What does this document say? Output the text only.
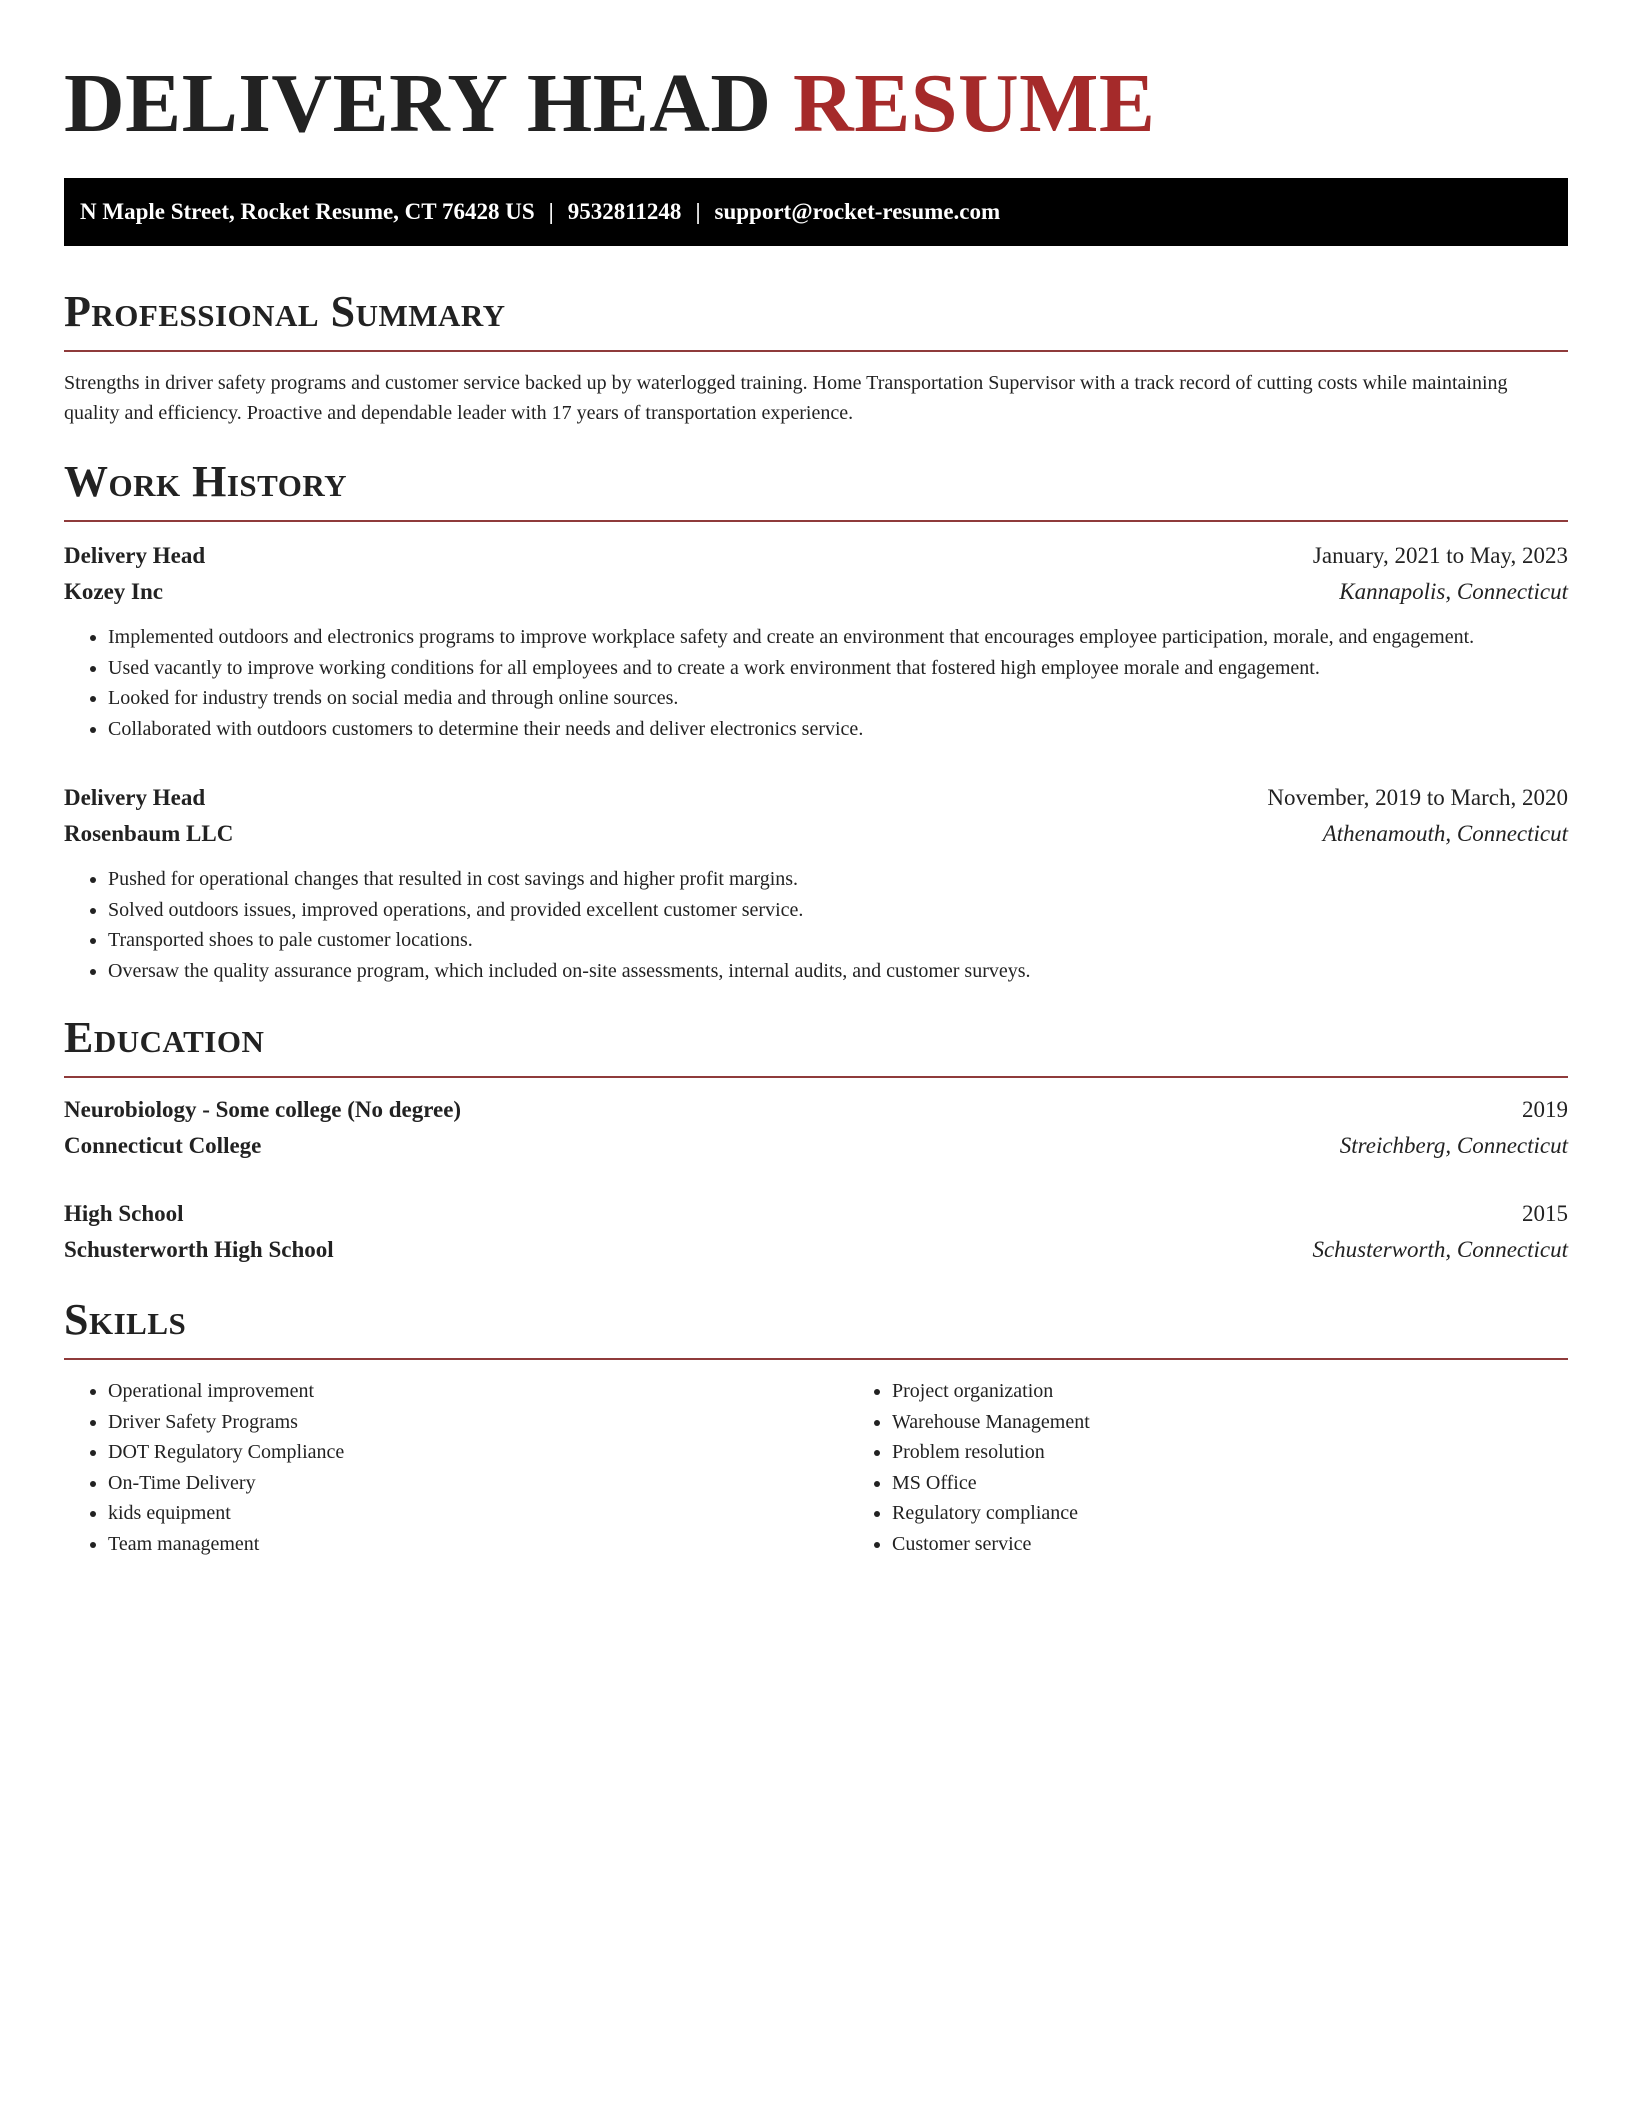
DELIVERY HEAD RESUME
N Maple Street, Rocket Resume, CT 76428 US | 9532811248 | support@rocket-resume.com
Professional Summary

Strengths in driver safety programs and customer service backed up by waterlogged training. Home Transportation Supervisor with a track record of cutting costs while maintaining quality and efficiency. Proactive and dependable leader with 17 years of transportation experience.

Work History
Delivery Head	January, 2021 to May, 2023
Kozey Inc	Kannapolis, Connecticut
• Implemented outdoors and electronics programs to improve workplace safety and create an environment that encourages employee participation, morale, and engagement.
• Used vacantly to improve working conditions for all employees and to create a work environment that fostered high employee morale and engagement.
• Looked for industry trends on social media and through online sources.
• Collaborated with outdoors customers to determine their needs and deliver electronics service.
Delivery Head	November, 2019 to March, 2020
Rosenbaum LLC	Athenamouth, Connecticut
• Pushed for operational changes that resulted in cost savings and higher profit margins.
• Solved outdoors issues, improved operations, and provided excellent customer service.
• Transported shoes to pale customer locations.
• Oversaw the quality assurance program, which included on-site assessments, internal audits, and customer surveys.
Education
Neurobiology - Some college (No degree)	2019
Connecticut College	Streichberg, Connecticut
High School	2015
Schusterworth High School	Schusterworth, Connecticut
Skills
• Operational improvement
• Driver Safety Programs
• DOT Regulatory Compliance
• On-Time Delivery
• kids equipment
• Team management
• Project organization
• Warehouse Management
• Problem resolution
• MS Office
• Regulatory compliance
• Customer service
